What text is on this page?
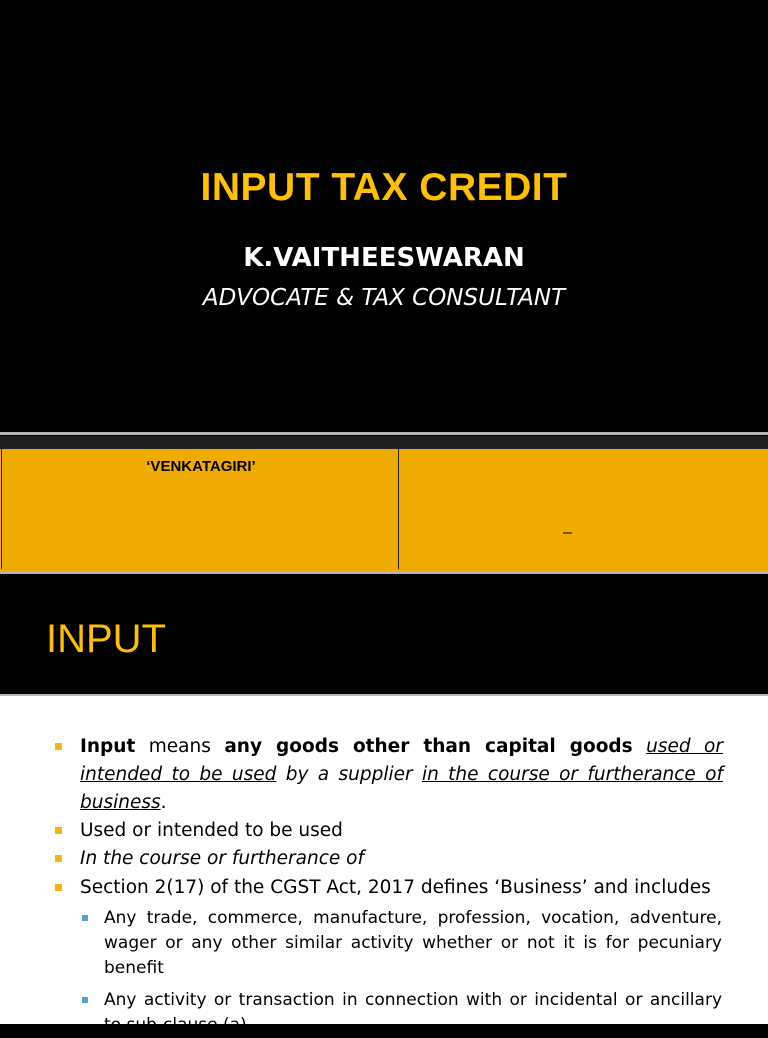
INPUT TAX CREDIT
K.VAITHEESWARAN
ADVOCATE & TAX CONSULTANT
‘VENKATAGIRI’
–
INPUT
Input means any goods other than capital goods used or intended to be used by a supplier in the course or furtherance of business.
Used or intended to be used
In the course or furtherance of
Section 2(17) of the CGST Act, 2017 defines ‘Business’ and includes
Any trade, commerce, manufacture, profession, vocation, adventure, wager or any other similar activity whether or not it is for pecuniary benefit
Any activity or transaction in connection with or incidental or ancillary to sub-clause (a)
